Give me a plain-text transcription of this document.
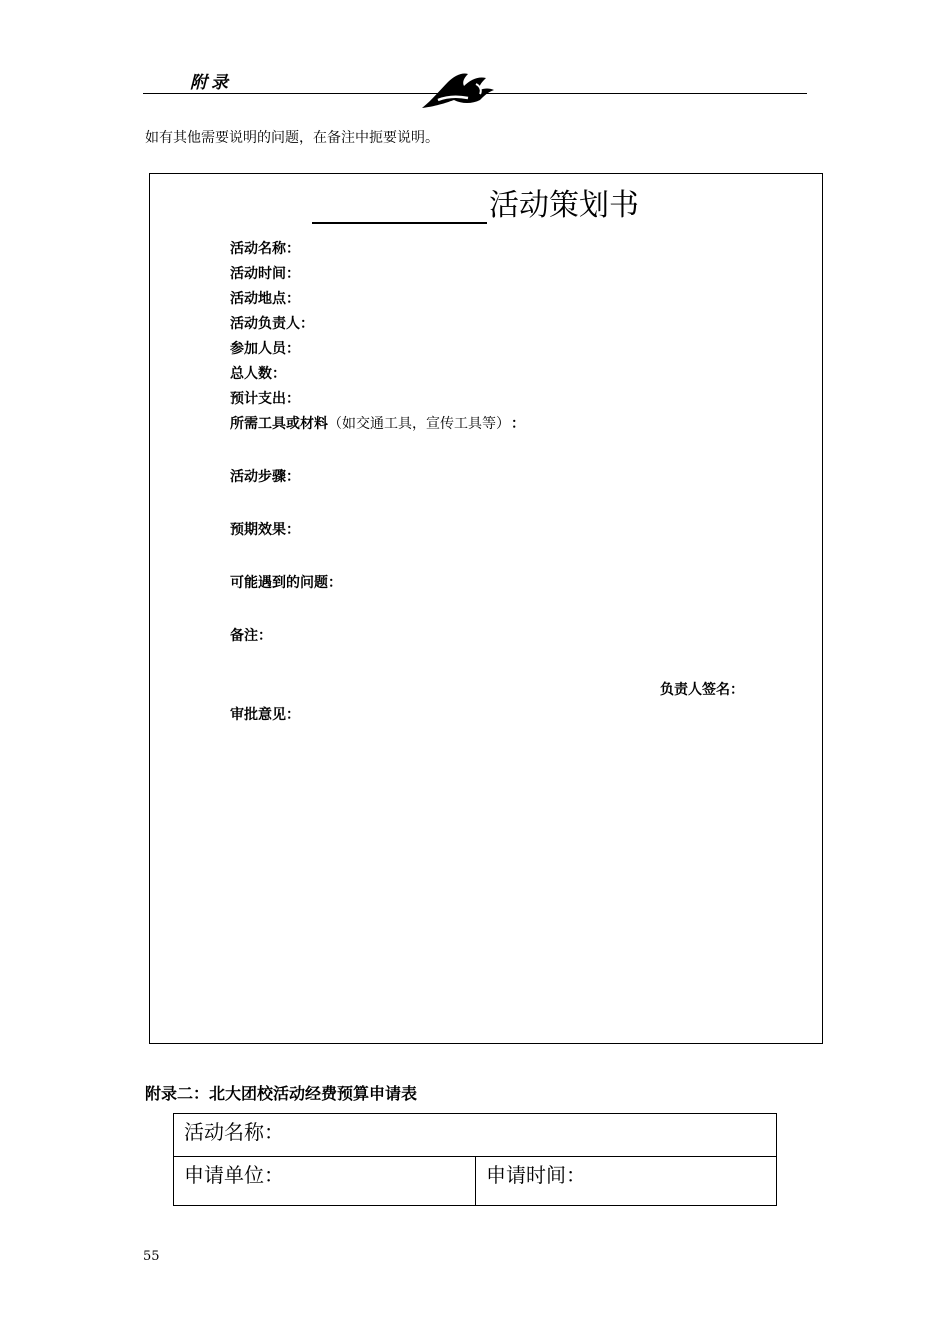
附录
如有其他需要说明的问题，在备注中扼要说明。
活动策划书
活动名称：
活动时间：
活动地点：
活动负责人：
参加人员：
总人数：
预计支出：
所需工具或材料（如交通工具，宣传工具等） ：
活动步骤：
预期效果：
可能遇到的问题：
备注：
负责人签名：
审批意见：
附录二：北大团校活动经费预算申请表
活动名称：
申请单位：	申请时间：
55
